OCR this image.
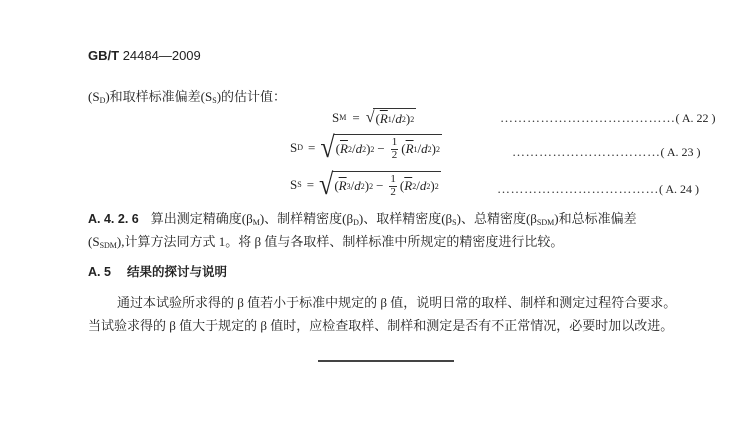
GB/T 24484—2009
$(S_D)$和取样标准偏差$(S_S)$的估计值：
S M = √ ( $\overline{R}$ 1 / d 2 ) 2	…………………………………( A. 22 )
S D = √ ( $\overline{R}$ 2 / d 2 ) $2 - \frac{1}{2}$ ( $\overline{R}$ 1 / d 2 ) 2	……………………………( A. 23 )
S S = √ ( $\overline{R}$ 3 / d 2 ) $2 - \frac{1}{2}$ ( $\overline{R}$ 2 / d 2 ) 2	………………………………( A. 24 )
A. 4. 2. 6 算出测定精确度$(\beta_M)$、制样精密度$(\beta_D)$、取样精密度$(\beta_S)$、总精密度$(\beta_{SDM})$和总标准偏差
$(S_{SDM})$,计算方法同方式 1。将 β 值与各取样、制样标准中所规定的精密度进行比较。
A. 5 结果的探讨与说明
通过本试验所求得的 β 值若小于标准中规定的 β 值，说明日常的取样、制样和测定过程符合要求。
当试验求得的 β 值大于规定的 β 值时，应检查取样、制样和测定是否有不正常情况，必要时加以改进。
